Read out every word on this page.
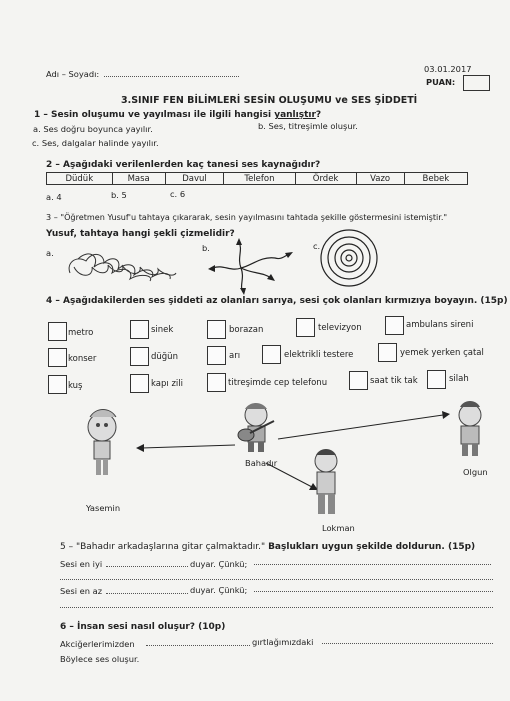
Adı – Soyadı:	03.01.2017
PUAN:
3.SINIF FEN BİLİMLERİ SESİN OLUŞUMU ve SES ŞİDDETİ
1 – Sesin oluşumu ve yayılması ile ilgili hangisi yanlıştır?
a. Ses doğru boyunca yayılır.	b. Ses, titreşimle oluşur.
c. Ses, dalgalar halinde yayılır.
2 – Aşağıdaki verilenlerden kaç tanesi ses kaynağıdır?
Düdük	Masa	Davul	Telefon	Ördek	Vazo	Bebek
a. 4	b. 5	c. 6
3 – "Öğretmen Yusuf'u tahtaya çıkararak, sesin yayılmasını tahtada şekille göstermesini istemiştir."
Yusuf, tahtaya hangi şekli çizmelidir?
a.	b.	c.
4 – Aşağıdakilerden ses şiddeti az olanları sarıya, sesi çok olanları kırmızıya boyayın. (15p)
metro	sinek	borazan	televizyon	ambulans sireni
konser	düğün	arı	elektrikli testere	yemek yerken çatal
kuş	kapı zili	titreşimde cep telefonu	saat tik tak	silah
Bahadır
Olgun
Yasemin
Lokman
5 – "Bahadır arkadaşlarına gitar çalmaktadır." Başlukları uygun şekilde doldurun. (15p)
Sesi en iyi	duyar. Çünkü;
Sesi en az	duyar. Çünkü;
6 – İnsan sesi nasıl oluşur? (10p)
Akciğerlerimizden	gırtlağımızdaki
Böylece ses oluşur.
